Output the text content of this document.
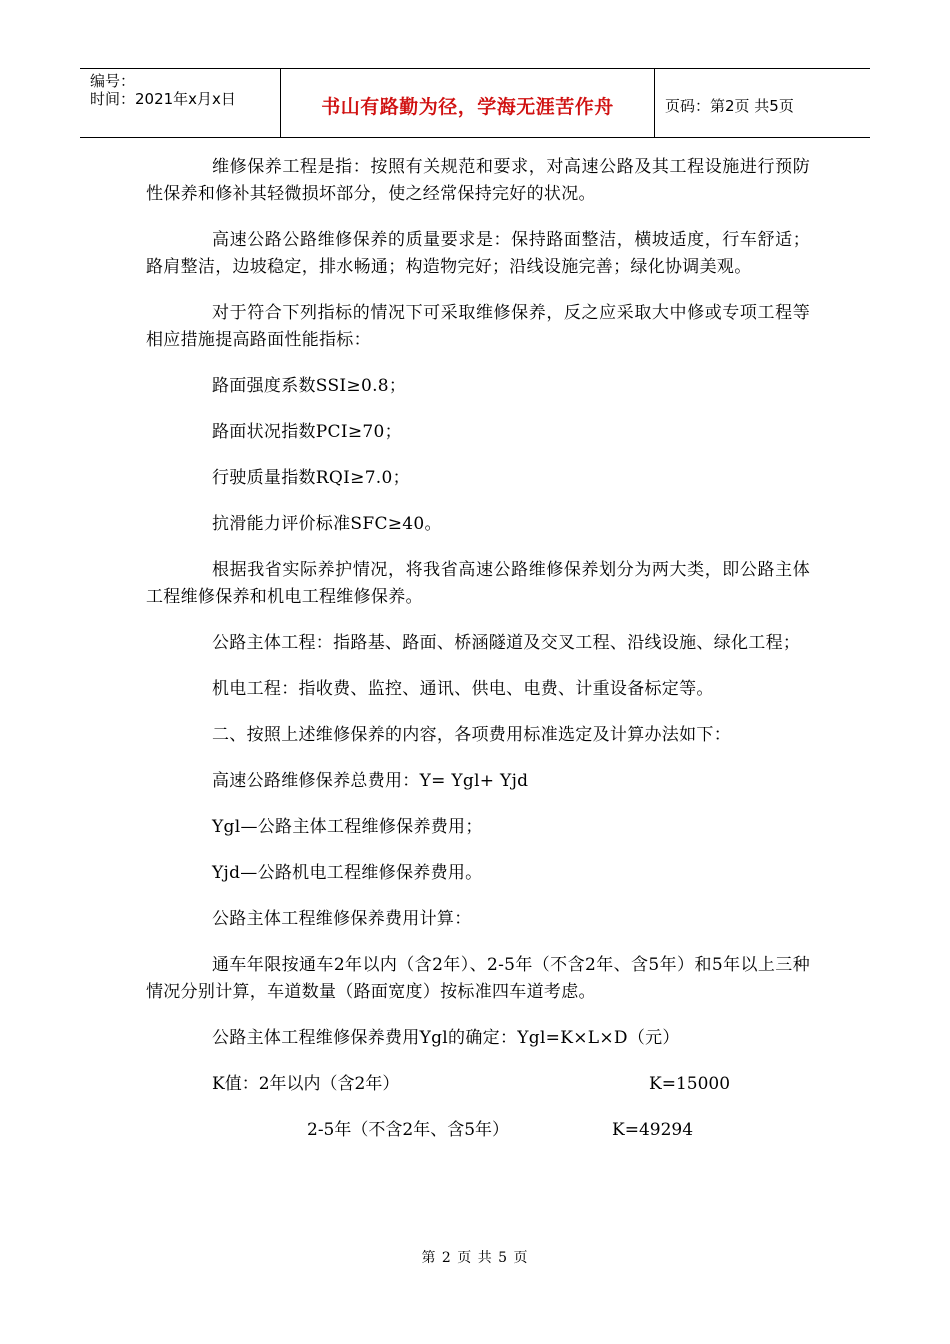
编号：
时间：2021年x月x日	书山有路勤为径，学海无涯苦作舟	页码：第2页 共5页

维修保养工程是指：按照有关规范和要求，对高速公路及其工程设施进行预防性保养和修补其轻微损坏部分，使之经常保持完好的状况。

高速公路公路维修保养的质量要求是：保持路面整洁，横坡适度，行车舒适；路肩整洁，边坡稳定，排水畅通；构造物完好；沿线设施完善；绿化协调美观。

对于符合下列指标的情况下可采取维修保养，反之应采取大中修或专项工程等相应措施提高路面性能指标：

路面强度系数SSI≥0.8；

路面状况指数PCI≥70；

行驶质量指数RQI≥7.0；

抗滑能力评价标准SFC≥40。

根据我省实际养护情况，将我省高速公路维修保养划分为两大类，即公路主体工程维修保养和机电工程维修保养。

公路主体工程：指路基、路面、桥涵隧道及交叉工程、沿线设施、绿化工程；

机电工程：指收费、监控、通讯、供电、电费、计重设备标定等。

二、按照上述维修保养的内容，各项费用标准选定及计算办法如下：

高速公路维修保养总费用：Y= Ygl+ Yjd

Ygl—公路主体工程维修保养费用；

Yjd—公路机电工程维修保养费用。

公路主体工程维修保养费用计算：

通车年限按通车2年以内（含2年）、2-5年（不含2年、含5年）和5年以上三种情况分别计算，车道数量（路面宽度）按标准四车道考虑。

公路主体工程维修保养费用Ygl的确定：Ygl=K×L×D（元）

K值：2年以内（含2年）	K=15000
2-5年（不含2年、含5年）	K=49294
第 2 页 共 5 页
